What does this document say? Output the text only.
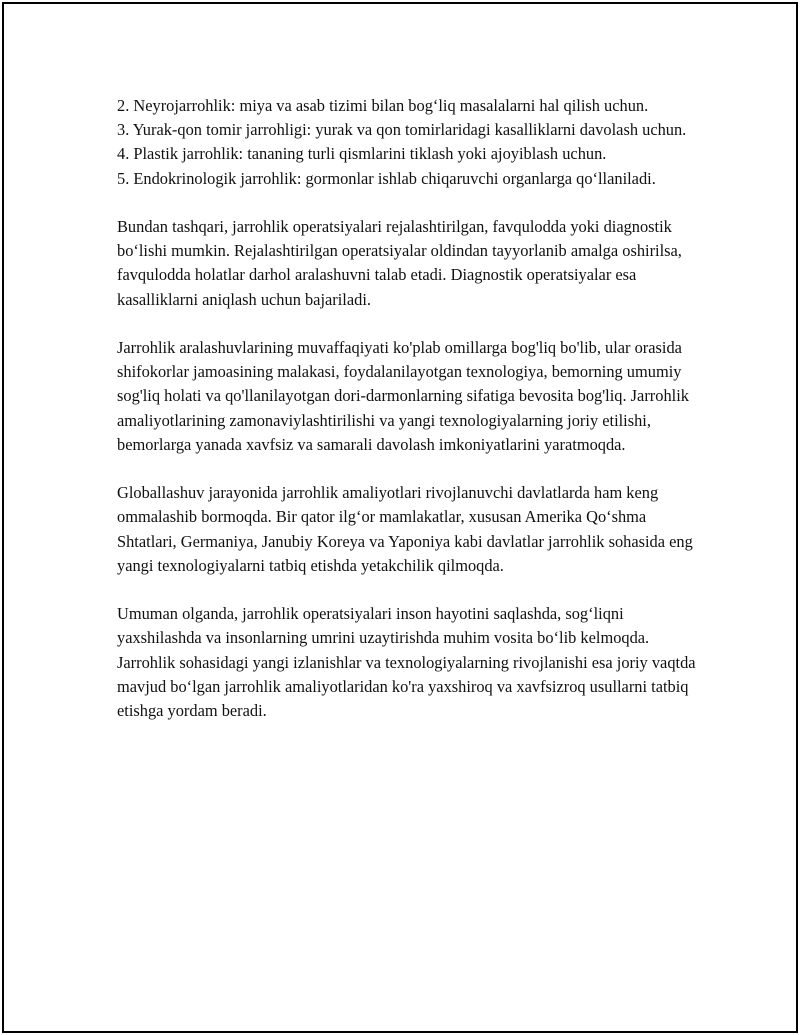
2. Neyrojarrohlik: miya va asab tizimi bilan bog‘liq masalalarni hal qilish uchun.

3. Yurak-qon tomir jarrohligi: yurak va qon tomirlaridagi kasalliklarni davolash uchun.

4. Plastik jarrohlik: tananing turli qismlarini tiklash yoki ajoyiblash uchun.

5. Endokrinologik jarrohlik: gormonlar ishlab chiqaruvchi organlarga qo‘llaniladi.

Bundan tashqari, jarrohlik operatsiyalari rejalashtirilgan, favqulodda yoki diagnostik bo‘lishi mumkin. Rejalashtirilgan operatsiyalar oldindan tayyorlanib amalga oshirilsa, favqulodda holatlar darhol aralashuvni talab etadi. Diagnostik operatsiyalar esa kasalliklarni aniqlash uchun bajariladi.

Jarrohlik aralashuvlarining muvaffaqiyati ko'plab omillarga bog'liq bo'lib, ular orasida shifokorlar jamoasining malakasi, foydalanilayotgan texnologiya, bemorning umumiy sog'liq holati va qo'llanilayotgan dori-darmonlarning sifatiga bevosita bog'liq. Jarrohlik amaliyotlarining zamonaviylashtirilishi va yangi texnologiyalarning joriy etilishi, bemorlarga yanada xavfsiz va samarali davolash imkoniyatlarini yaratmoqda.

Globallashuv jarayonida jarrohlik amaliyotlari rivojlanuvchi davlatlarda ham keng ommalashib bormoqda. Bir qator ilg‘or mamlakatlar, xususan Amerika Qo‘shma Shtatlari, Germaniya, Janubiy Koreya va Yaponiya kabi davlatlar jarrohlik sohasida eng yangi texnologiyalarni tatbiq etishda yetakchilik qilmoqda.

Umuman olganda, jarrohlik operatsiyalari inson hayotini saqlashda, sog‘liqni yaxshilashda va insonlarning umrini uzaytirishda muhim vosita bo‘lib kelmoqda. Jarrohlik sohasidagi yangi izlanishlar va texnologiyalarning rivojlanishi esa joriy vaqtda mavjud bo‘lgan jarrohlik amaliyotlaridan ko'ra yaxshiroq va xavfsizroq usullarni tatbiq etishga yordam beradi.
